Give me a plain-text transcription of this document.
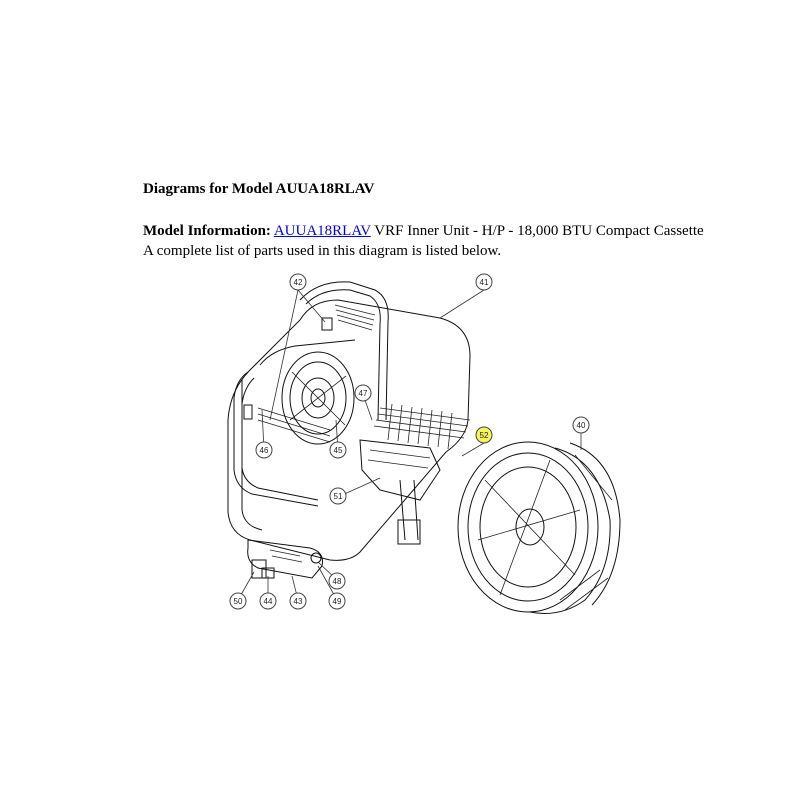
Diagrams for Model AUUA18RLAV
Model Information: AUUA18RLAV VRF Inner Unit - H/P - 18,000 BTU Compact Cassette
A complete list of parts used in this diagram is listed below.
42	41
47
52
40
46	45
51
48
50	44	43	49
